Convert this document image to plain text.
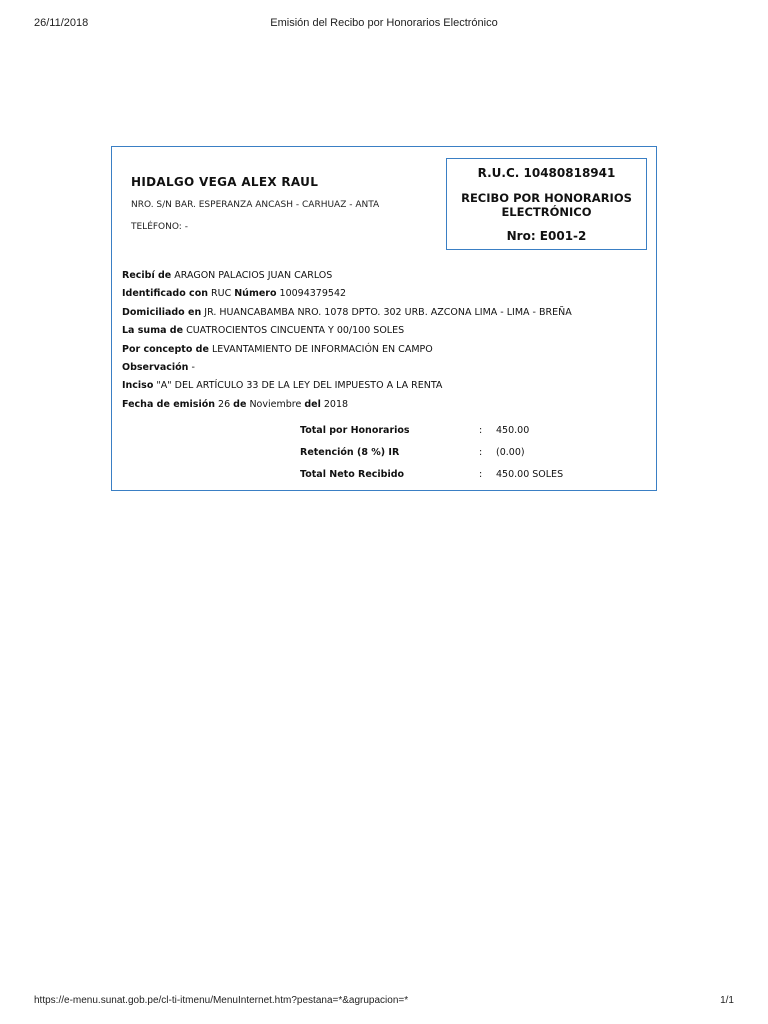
26/11/2018	Emisión del Recibo por Honorarios Electrónico
HIDALGO VEGA ALEX RAUL
NRO. S/N BAR. ESPERANZA ANCASH - CARHUAZ - ANTA
TELÉFONO: -
R.U.C. 10480818941
RECIBO POR HONORARIOS ELECTRÓNICO
Nro: E001-2
Recibí de ARAGON PALACIOS JUAN CARLOS
Identificado con RUC Número 10094379542
Domiciliado en JR. HUANCABAMBA NRO. 1078 DPTO. 302 URB. AZCONA LIMA - LIMA - BREÑA
La suma de CUATROCIENTOS CINCUENTA Y 00/100 SOLES
Por concepto de LEVANTAMIENTO DE INFORMACIÓN EN CAMPO
Observación -
Inciso "A" DEL ARTÍCULO 33 DE LA LEY DEL IMPUESTO A LA RENTA
Fecha de emisión 26 de Noviembre del 2018
Total por Honorarios	: 450.00
Retención (8 %) IR	: (0.00)
Total Neto Recibido	: 450.00 SOLES
https://e-menu.sunat.gob.pe/cl-ti-itmenu/MenuInternet.htm?pestana=*&agrupacion=*	1/1
